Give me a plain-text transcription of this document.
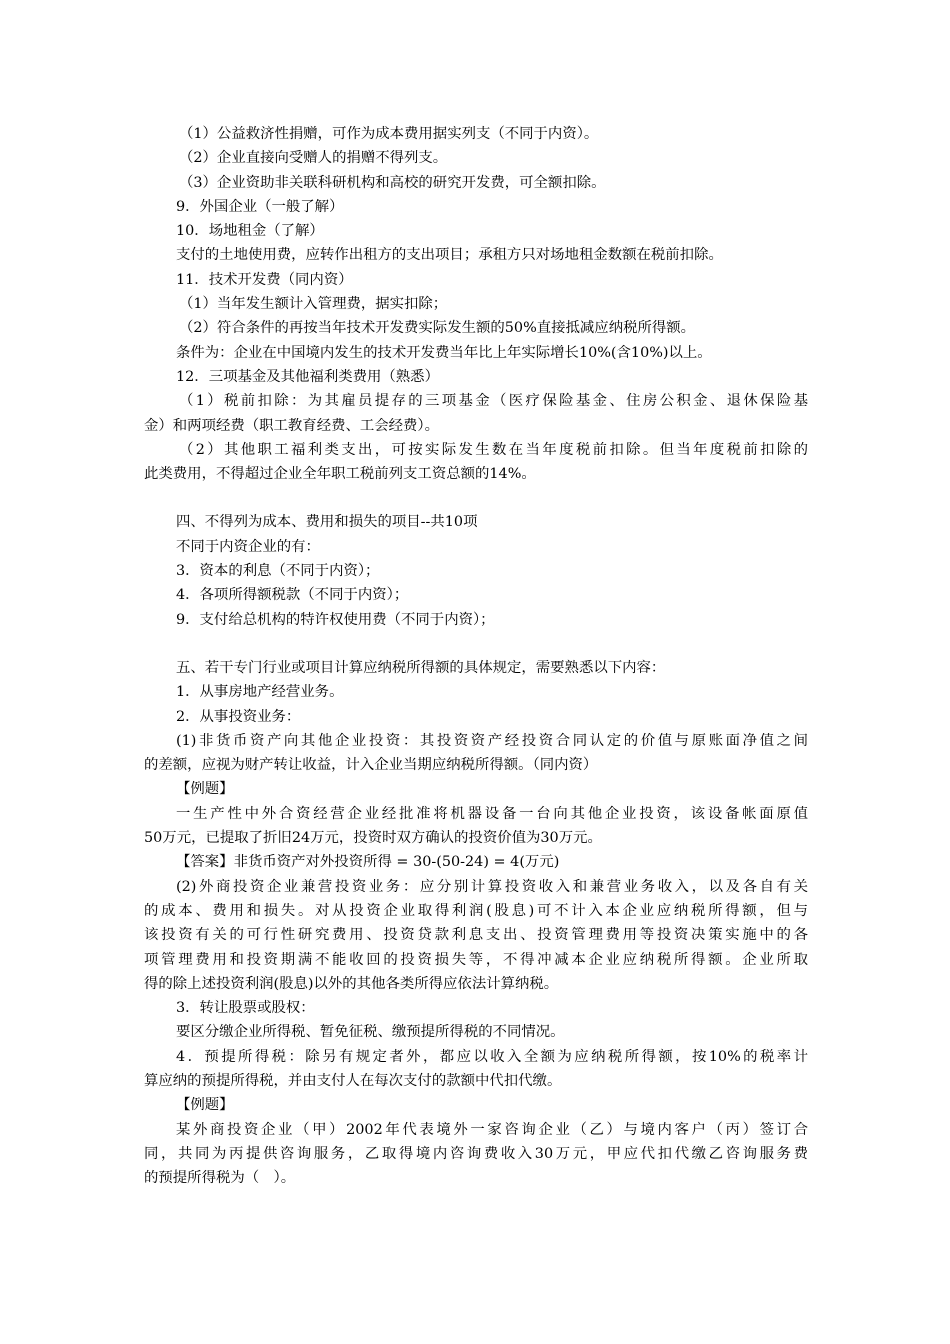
（1）公益救济性捐赠，可作为成本费用据实列支（不同于内资）。
（2）企业直接向受赠人的捐赠不得列支。
（3）企业资助非关联科研机构和高校的研究开发费，可全额扣除。
9．外国企业（一般了解）
10．场地租金（了解）
支付的土地使用费，应转作出租方的支出项目；承租方只对场地租金数额在税前扣除。
11．技术开发费（同内资）
（1）当年发生额计入管理费，据实扣除；
（2）符合条件的再按当年技术开发费实际发生额的50%直接抵减应纳税所得额。
条件为：企业在中国境内发生的技术开发费当年比上年实际增长10%(含10%)以上。
12．三项基金及其他福利类费用（熟悉）
（1）税前扣除：为其雇员提存的三项基金（医疗保险基金、住房公积金、退休保险基
金）和两项经费（职工教育经费、工会经费）。
（2）其他职工福利类支出，可按实际发生数在当年度税前扣除。但当年度税前扣除的
此类费用，不得超过企业全年职工税前列支工资总额的14%。
四、不得列为成本、费用和损失的项目--共10项
不同于内资企业的有：
3．资本的利息（不同于内资）；
4．各项所得额税款（不同于内资）；
9．支付给总机构的特许权使用费（不同于内资）；
五、若干专门行业或项目计算应纳税所得额的具体规定，需要熟悉以下内容：
1．从事房地产经营业务。
2．从事投资业务：
(1)非货币资产向其他企业投资：其投资资产经投资合同认定的价值与原账面净值之间
的差额，应视为财产转让收益，计入企业当期应纳税所得额。（同内资）
【例题】
一生产性中外合资经营企业经批准将机器设备一台向其他企业投资，该设备帐面原值
50万元，已提取了折旧24万元，投资时双方确认的投资价值为30万元。
【答案】非货币资产对外投资所得 = 30-(50-24) = 4(万元)
(2)外商投资企业兼营投资业务：应分别计算投资收入和兼营业务收入，以及各自有关
的成本、费用和损失。对从投资企业取得利润(股息)可不计入本企业应纳税所得额，但与
该投资有关的可行性研究费用、投资贷款利息支出、投资管理费用等投资决策实施中的各
项管理费用和投资期满不能收回的投资损失等，不得冲减本企业应纳税所得额。企业所取
得的除上述投资利润(股息)以外的其他各类所得应依法计算纳税。
3．转让股票或股权：
要区分缴企业所得税、暂免征税、缴预提所得税的不同情况。
4．预提所得税：除另有规定者外，都应以收入全额为应纳税所得额，按10%的税率计
算应纳的预提所得税，并由支付人在每次支付的款额中代扣代缴。
【例题】
某外商投资企业（甲）2002年代表境外一家咨询企业（乙）与境内客户（丙）签订合
同，共同为丙提供咨询服务，乙取得境内咨询费收入30万元，甲应代扣代缴乙咨询服务费
的预提所得税为（　）。
